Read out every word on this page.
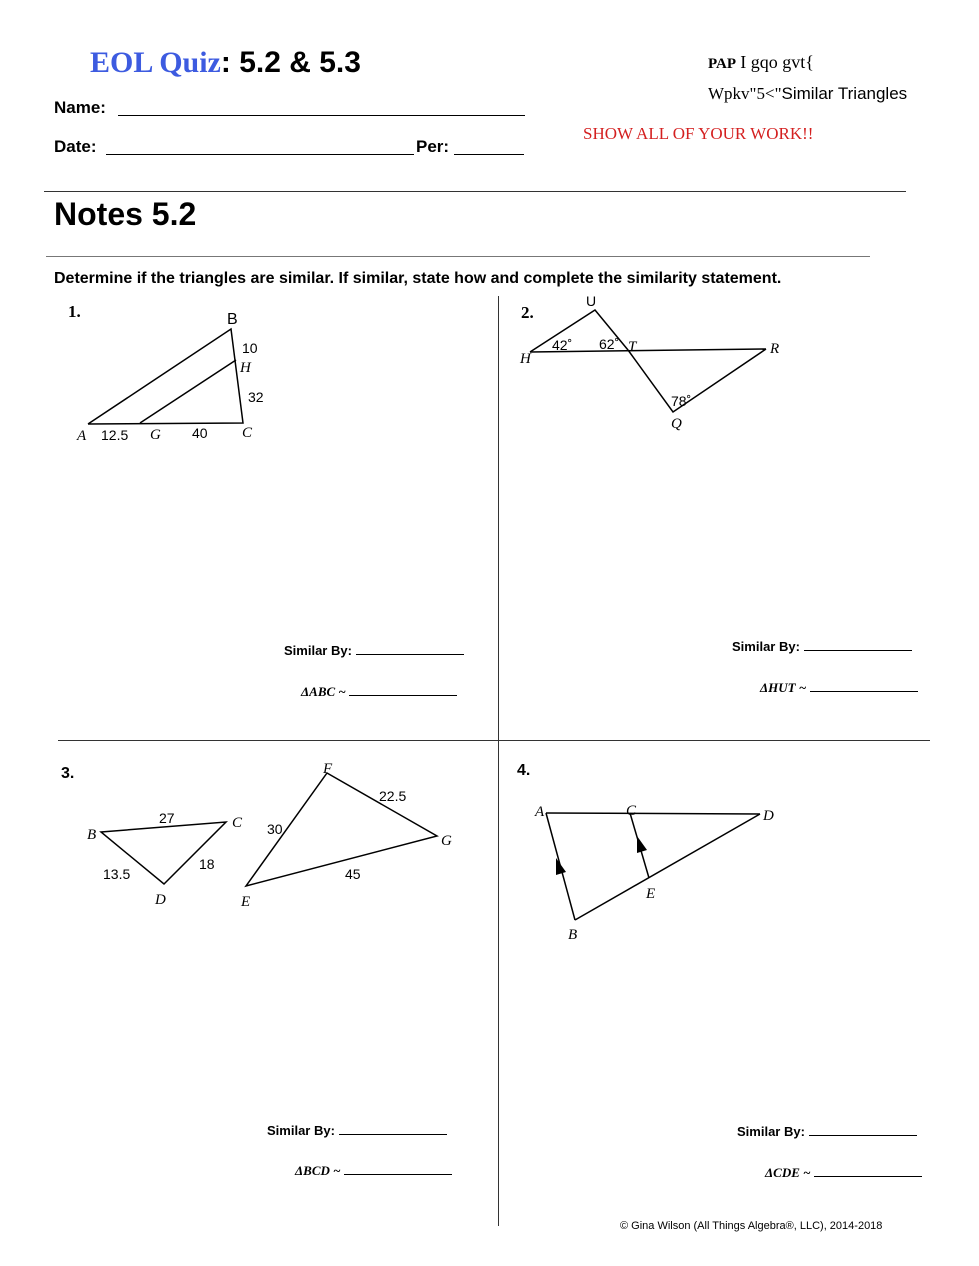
EOL Quiz: 5.2 & 5.3
Name:
Date:	Per:
PAP I gqo gvt{
Wpkv"5<"Similar Triangles
SHOW ALL OF YOUR WORK!!
Notes 5.2
Determine if the triangles are similar. If similar, state how and complete the similarity statement.
1.	B
10
H
32
A 12.5 G 40 C
U
H
42˚ 62˚ T	R
78˚
Q
27
B
C
13.5
18
D
F
22.5
30
G
45
E
A	C	D
E
B
Similar By:
ΔABC ~
2.
Similar By:
ΔHUT ~
3.
Similar By:
ΔBCD ~
4.
Similar By:
ΔCDE ~
© Gina Wilson (All Things Algebra®, LLC), 2014-2018
